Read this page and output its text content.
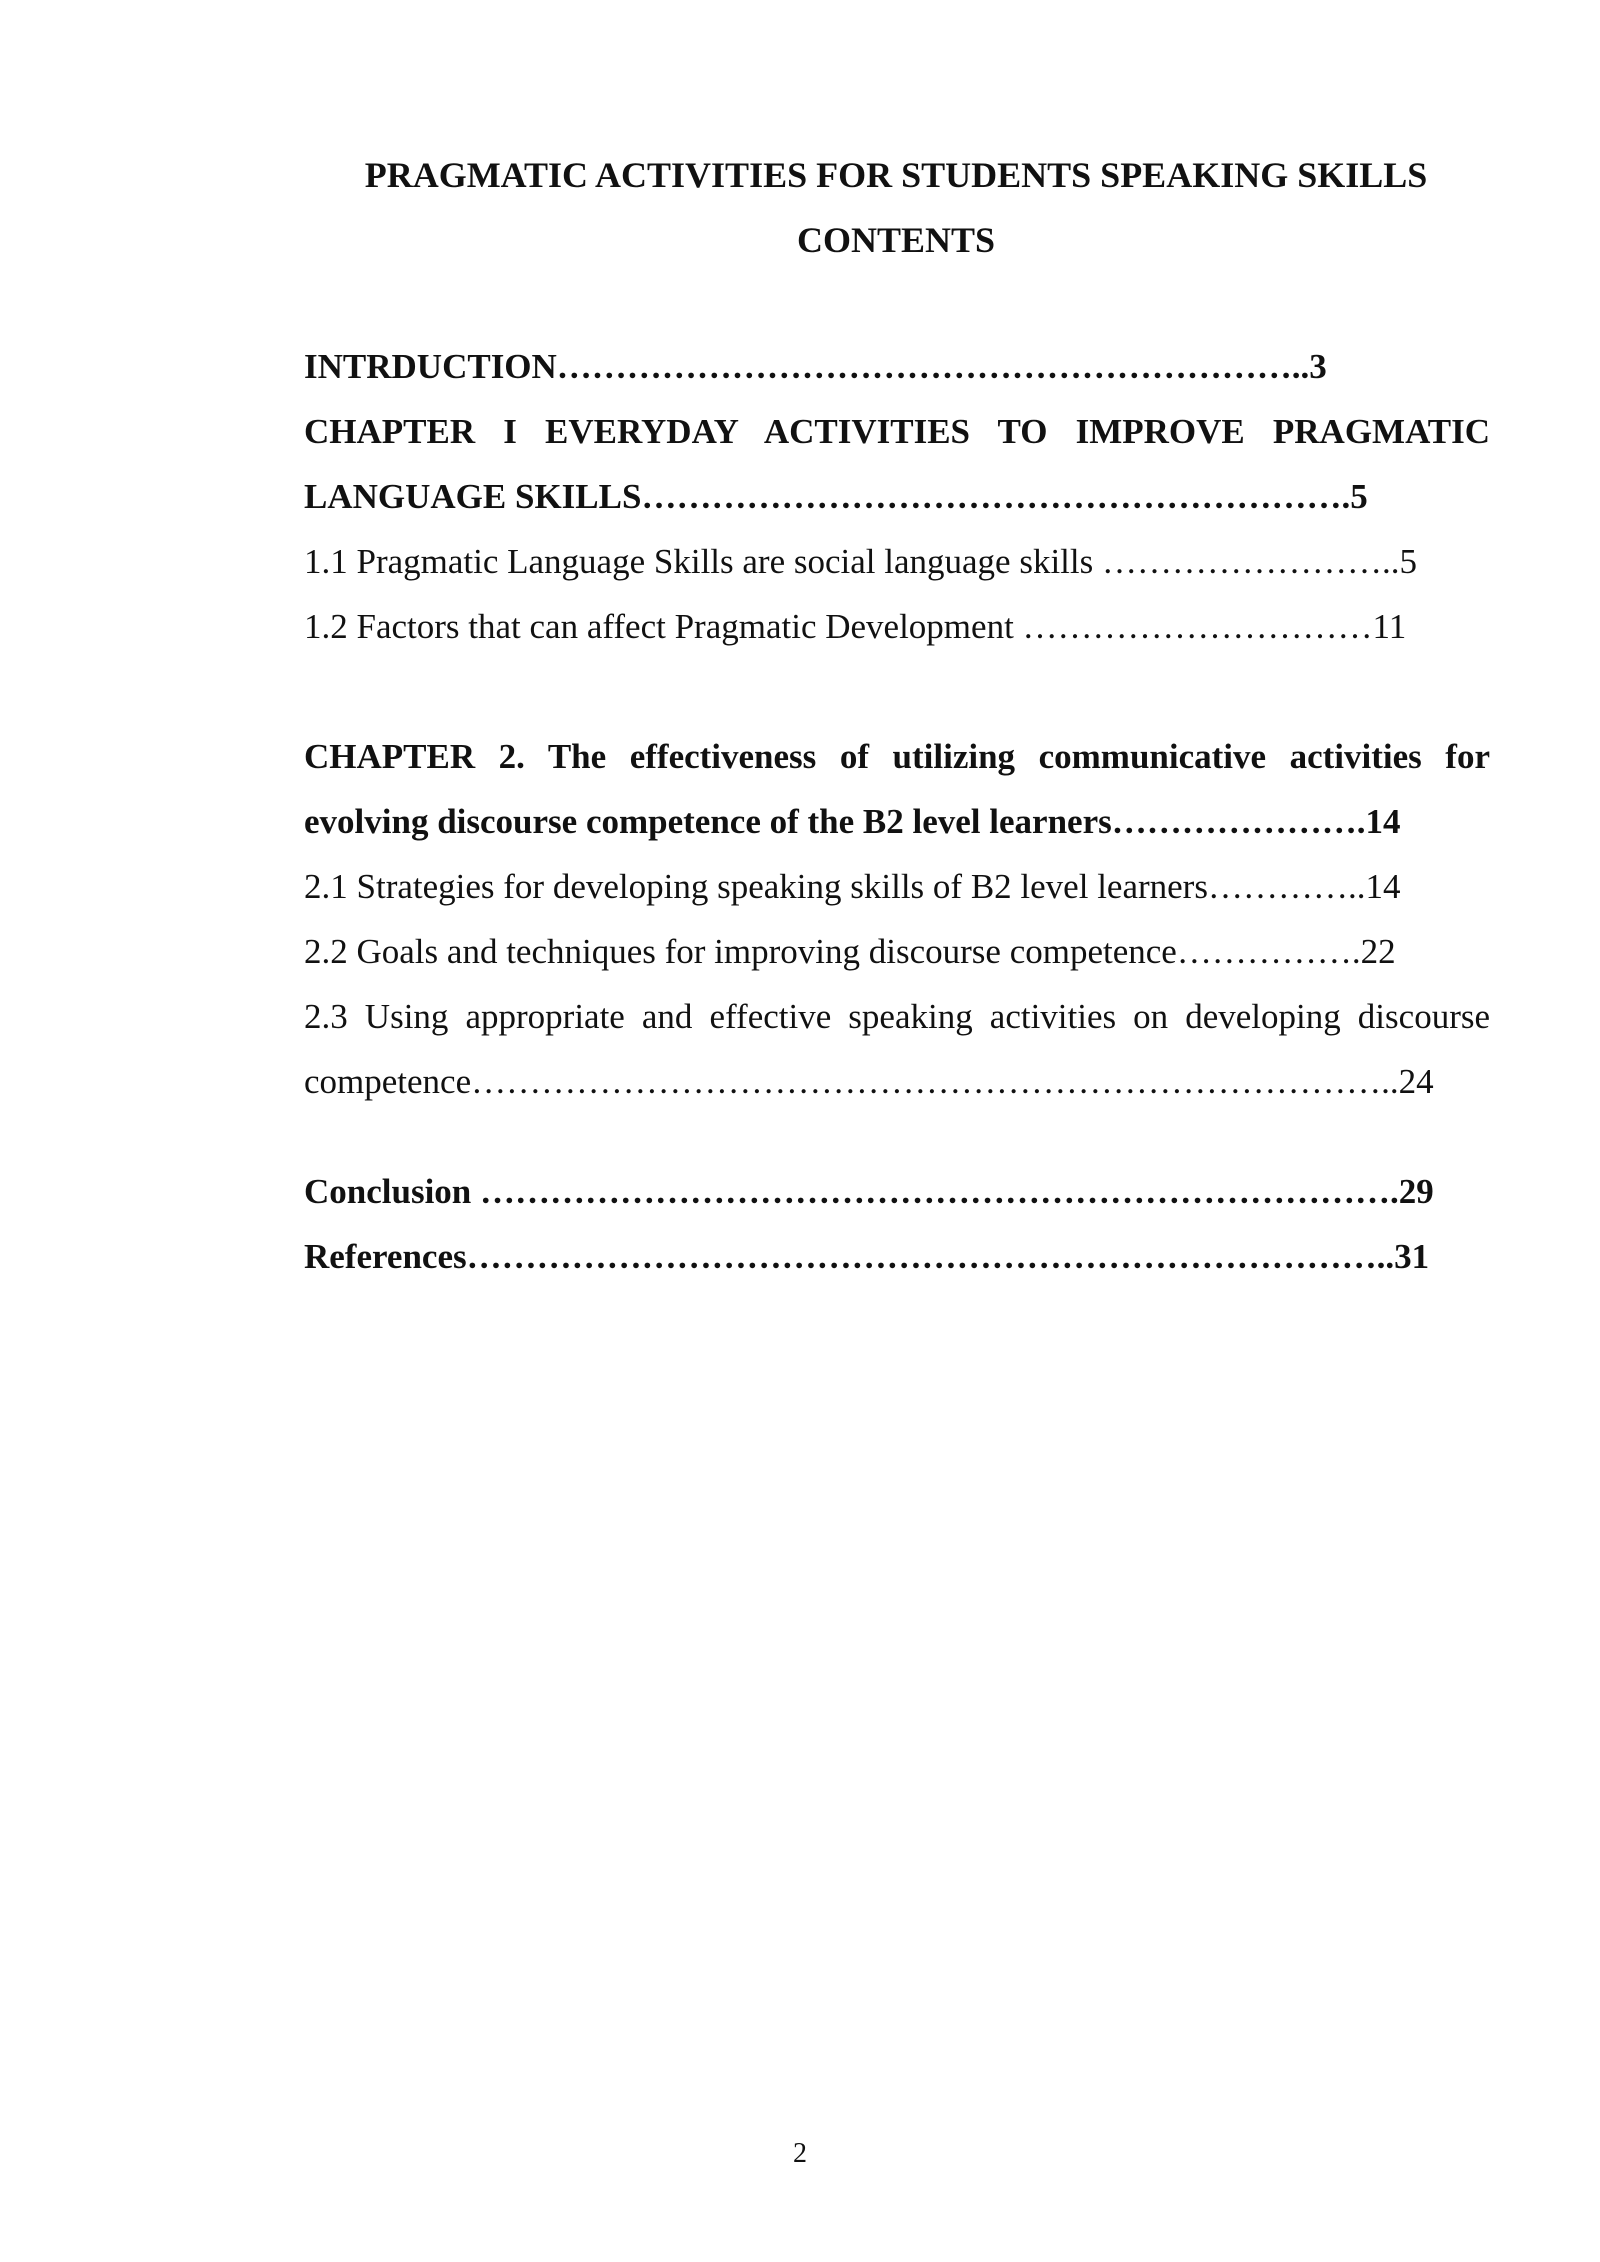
PRAGMATIC ACTIVITIES FOR STUDENTS SPEAKING SKILLS
CONTENTS
INTRDUCTION………………………………………………………..3
CHAPTER I EVERYDAY ACTIVITIES TO IMPROVE PRAGMATIC
LANGUAGE SKILLS…………………………………………………….5
1.1 Pragmatic Language Skills are social language skills ……………………..5
1.2 Factors that can affect Pragmatic Development …………………………11
CHAPTER 2. The effectiveness of utilizing communicative activities for
evolving discourse competence of the B2 level learners………………….14
2.1 Strategies for developing speaking skills of B2 level learners…………..14
2.2 Goals and techniques for improving discourse competence…………….22
2.3 Using appropriate and effective speaking activities on developing discourse
competence……………………………………………………………………..24
Conclusion …………………………………………………………………….29
References……………………………………………………………………..31
2
